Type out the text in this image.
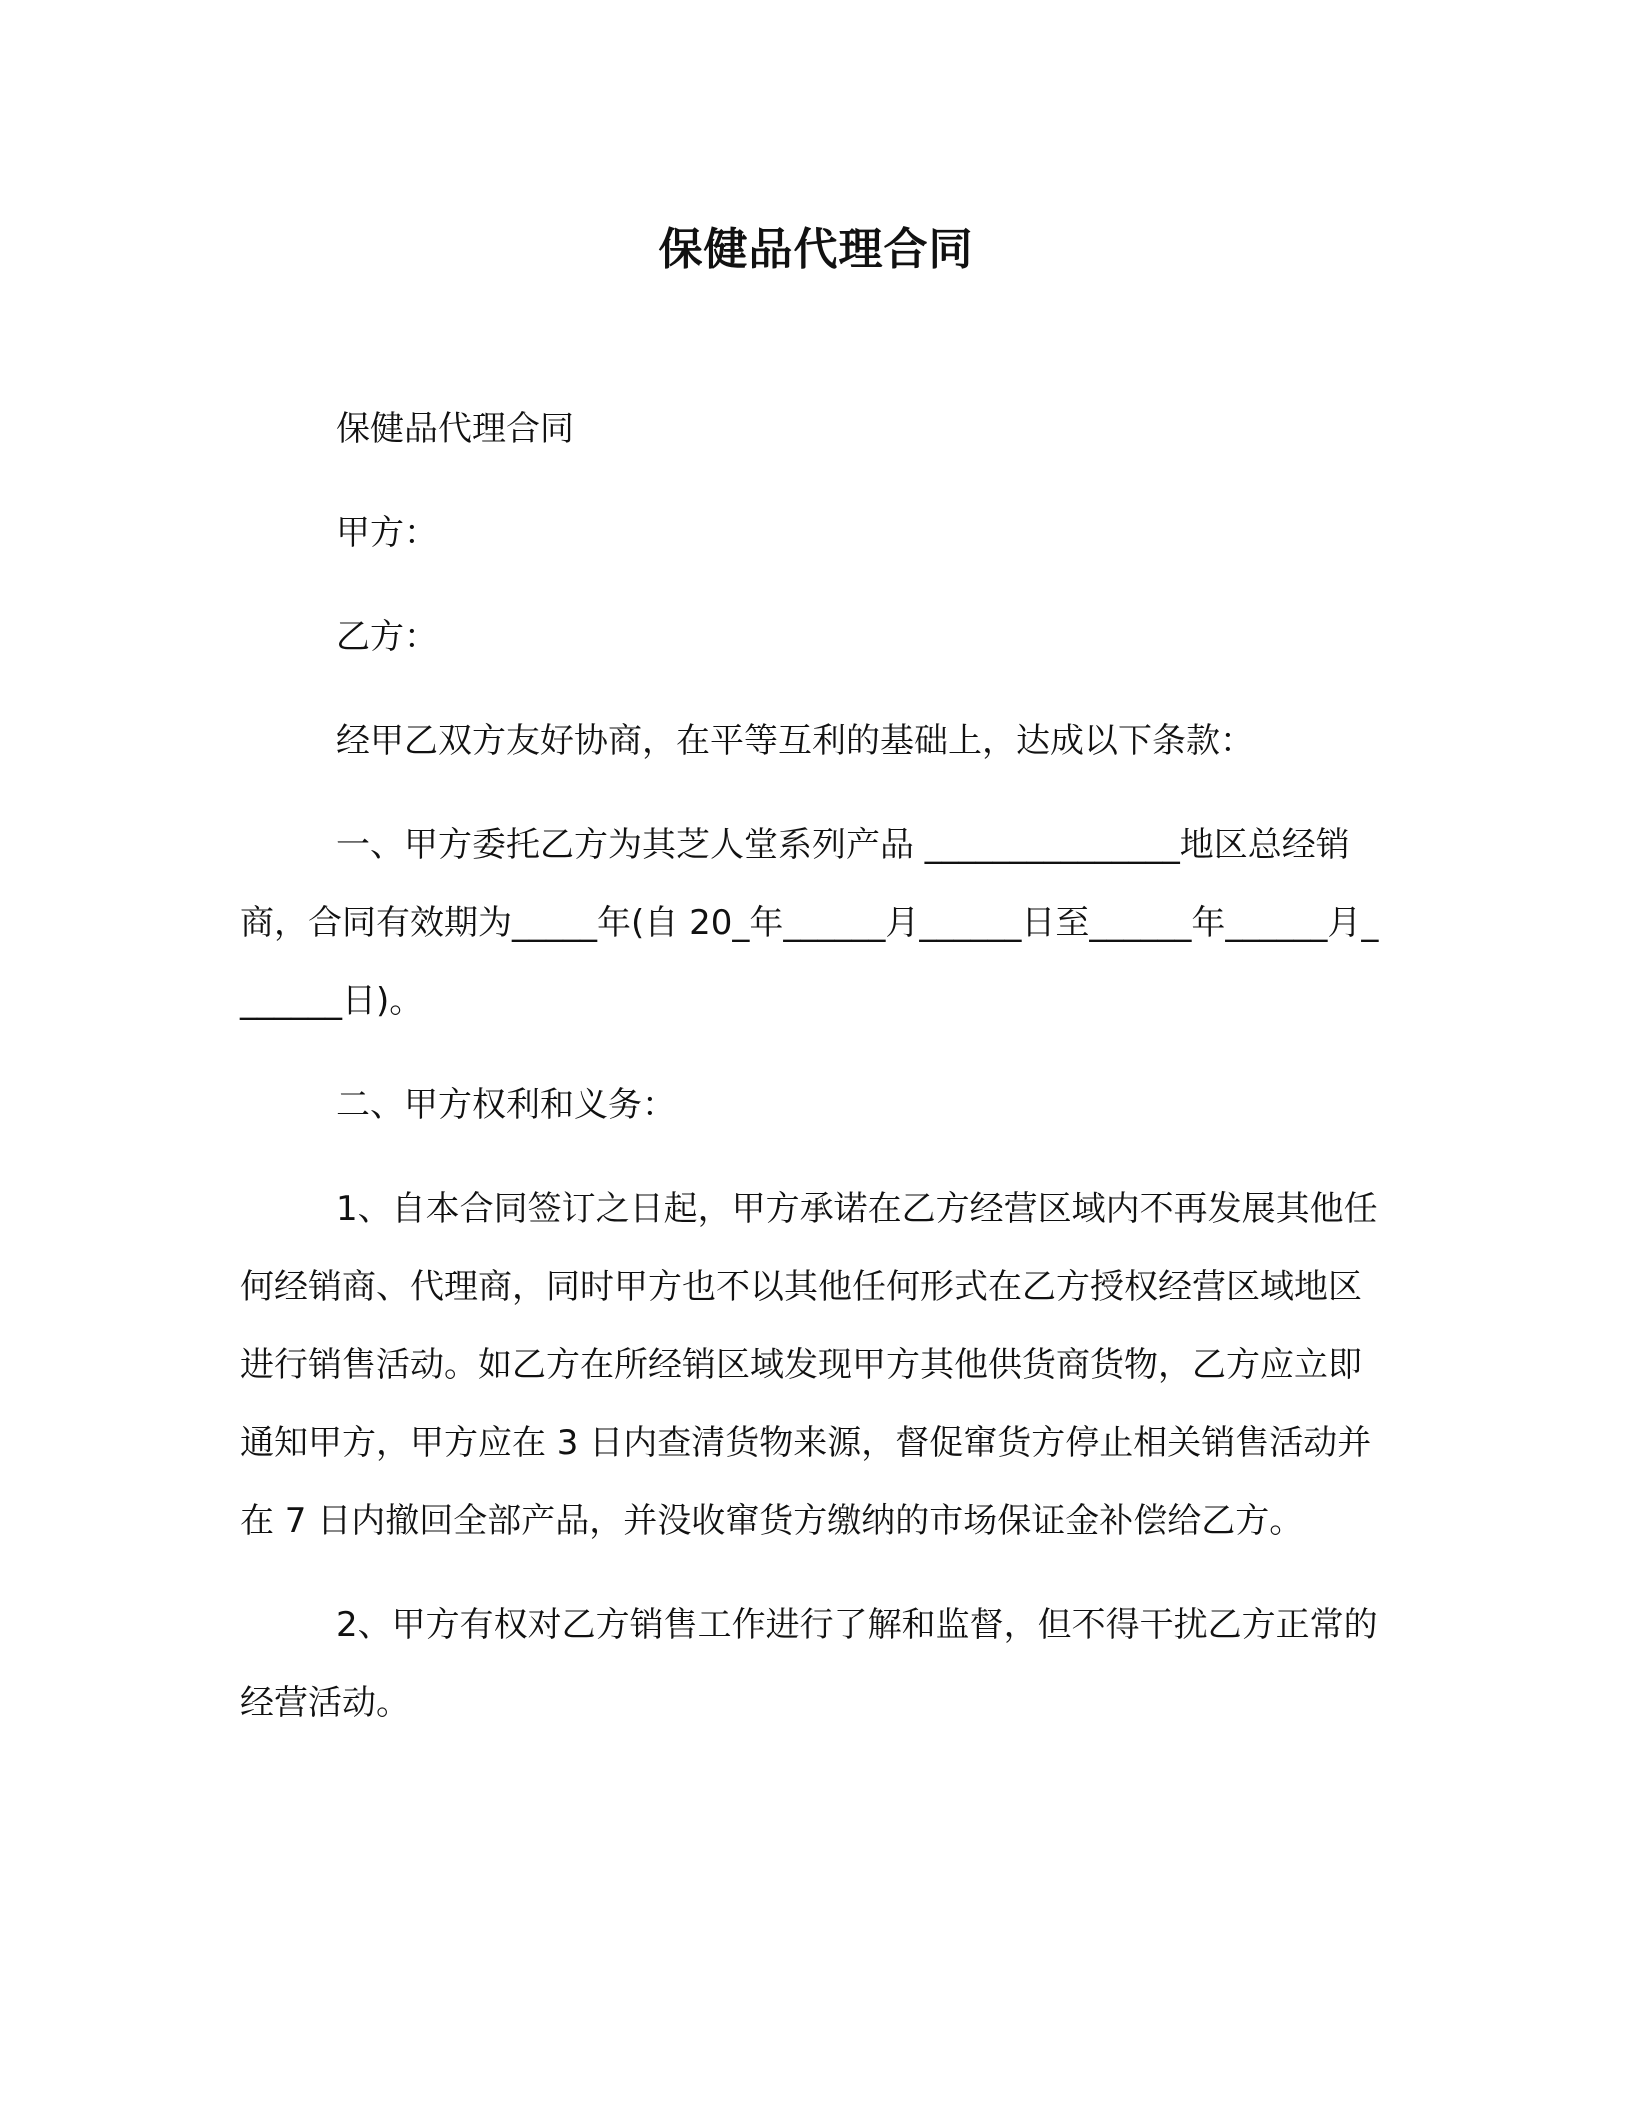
保健品代理合同

保健品代理合同

甲方：

乙方：

经甲乙双方友好协商，在平等互利的基础上，达成以下条款：

一、甲方委托乙方为其芝人堂系列产品 _______________地区总经销商，合同有效期为_____年(自 20_年______月______日至______年______月_______日)。

二、甲方权利和义务：

1、自本合同签订之日起，甲方承诺在乙方经营区域内不再发展其他任何经销商、代理商，同时甲方也不以其他任何形式在乙方授权经营区域地区进行销售活动。如乙方在所经销区域发现甲方其他供货商货物，乙方应立即通知甲方，甲方应在 3 日内查清货物来源，督促窜货方停止相关销售活动并在 7 日内撤回全部产品，并没收窜货方缴纳的市场保证金补偿给乙方。

2、甲方有权对乙方销售工作进行了解和监督，但不得干扰乙方正常的经营活动。
